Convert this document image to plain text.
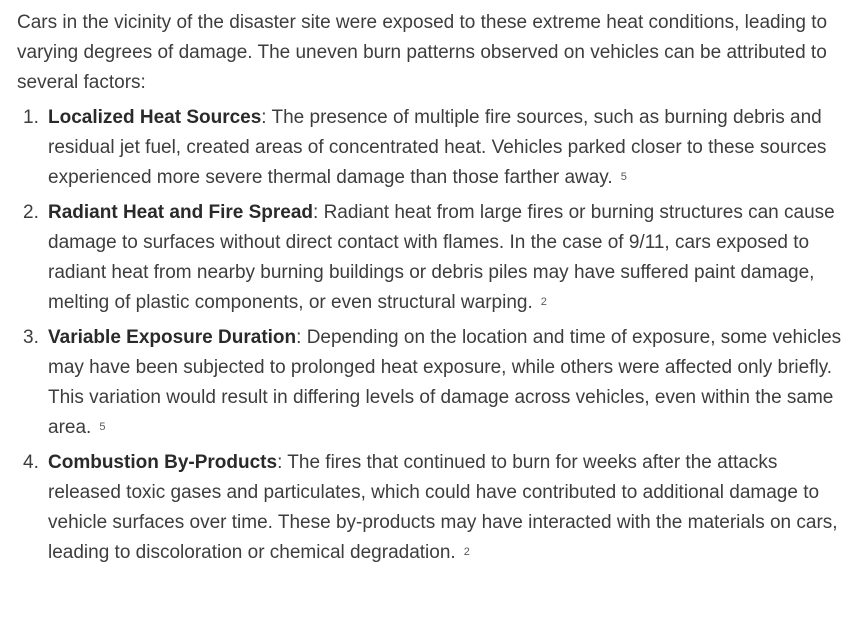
Cars in the vicinity of the disaster site were exposed to these extreme heat conditions, leading to varying degrees of damage. The uneven burn patterns observed on vehicles can be attributed to several factors:

1. Localized Heat Sources: The presence of multiple fire sources, such as burning debris and residual jet fuel, created areas of concentrated heat. Vehicles parked closer to these sources experienced more severe thermal damage than those farther away. 5
2. Radiant Heat and Fire Spread: Radiant heat from large fires or burning structures can cause damage to surfaces without direct contact with flames. In the case of 9/11, cars exposed to radiant heat from nearby burning buildings or debris piles may have suffered paint damage, melting of plastic components, or even structural warping. 2
3. Variable Exposure Duration: Depending on the location and time of exposure, some vehicles may have been subjected to prolonged heat exposure, while others were affected only briefly. This variation would result in differing levels of damage across vehicles, even within the same area. 5
4. Combustion By-Products: The fires that continued to burn for weeks after the attacks released toxic gases and particulates, which could have contributed to additional damage to vehicle surfaces over time. These by-products may have interacted with the materials on cars, leading to discoloration or chemical degradation. 2
